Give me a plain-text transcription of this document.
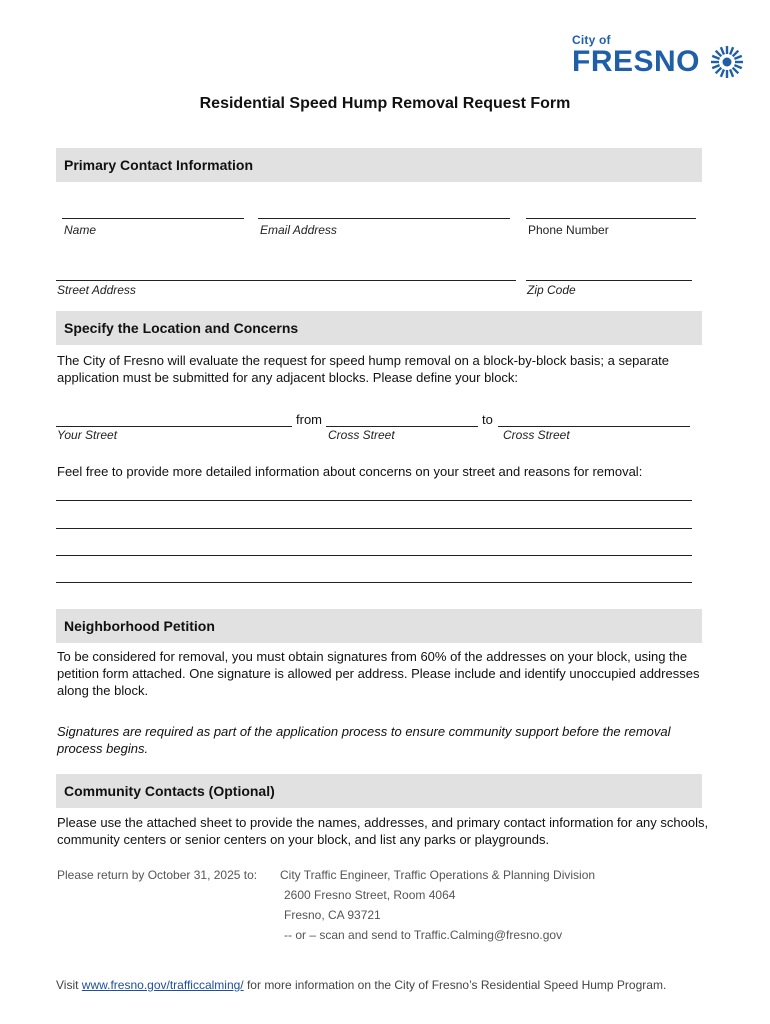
City of
FRESNO
Residential Speed Hump Removal Request Form
Primary Contact Information
Name	Email Address	Phone Number
Street Address	Zip Code
Specify the Location and Concerns
The City of Fresno will evaluate the request for speed hump removal on a block-by-block basis; a separate application must be submitted for any adjacent blocks. Please define your block:
from	to
Your Street	Cross Street	Cross Street
Feel free to provide more detailed information about concerns on your street and reasons for removal:
Neighborhood Petition
To be considered for removal, you must obtain signatures from 60% of the addresses on your block, using the petition form attached. One signature is allowed per address. Please include and identify unoccupied addresses along the block.
Signatures are required as part of the application process to ensure community support before the removal process begins.
Community Contacts (Optional)
Please use the attached sheet to provide the names, addresses, and primary contact information for any schools, community centers or senior centers on your block, and list any parks or playgrounds.
Please return by October 31, 2025 to: City Traffic Engineer, Traffic Operations & Planning Division
2600 Fresno Street, Room 4064
Fresno, CA 93721
-- or – scan and send to Traffic.Calming@fresno.gov
Visit www.fresno.gov/trafficcalming/ for more information on the City of Fresno’s Residential Speed Hump Program.
